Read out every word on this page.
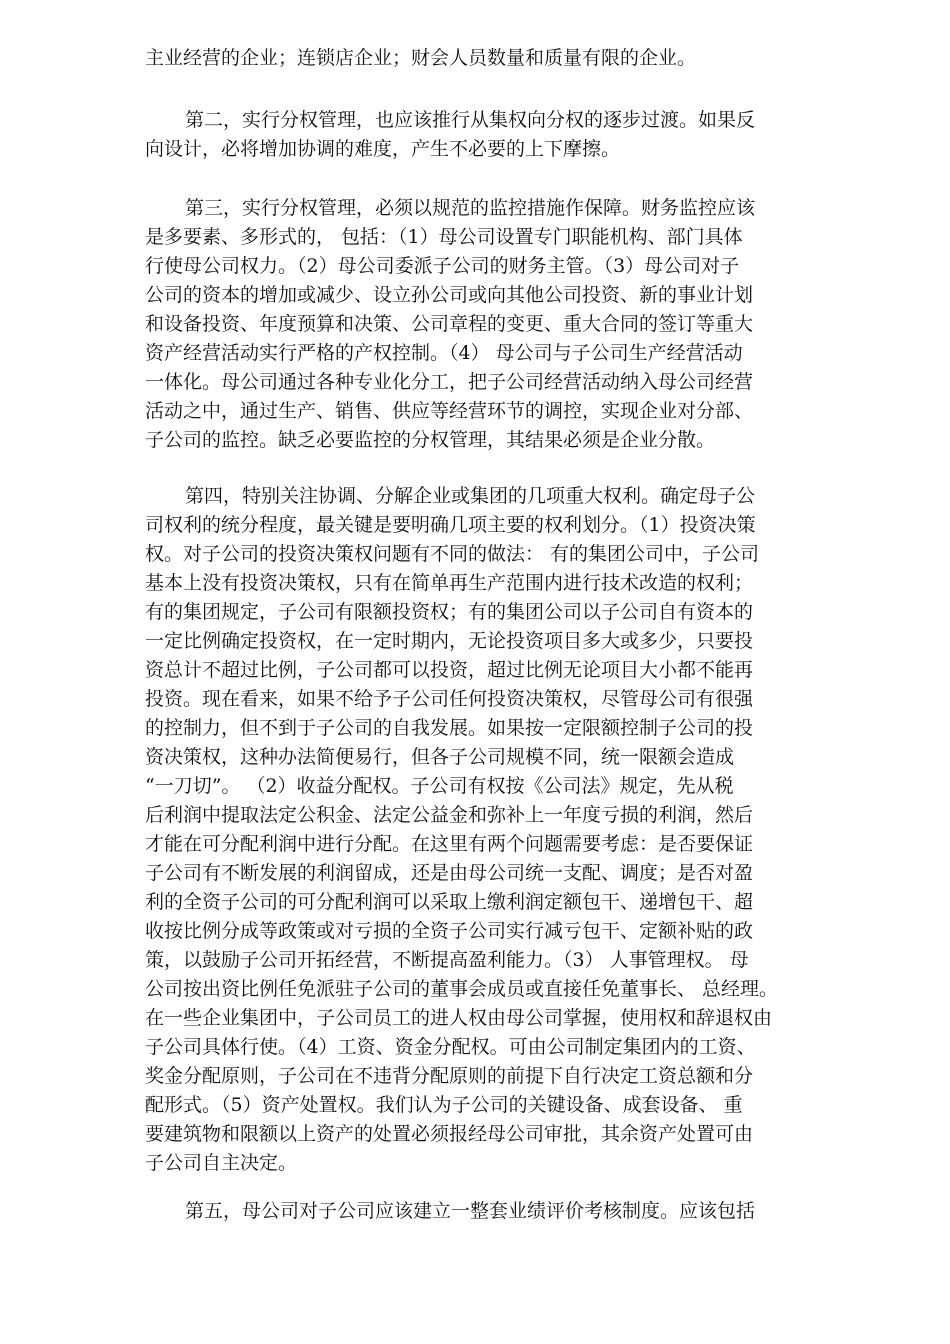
主业经营的企业；连锁店企业；财会人员数量和质量有限的企业。
第二，实行分权管理，也应该推行从集权向分权的逐步过渡。如果反
向设计，必将增加协调的难度，产生不必要的上下摩擦。
第三，实行分权管理，必须以规范的监控措施作保障。财务监控应该
是多要素、多形式的， 包括：（1）母公司设置专门职能机构、部门具体
行使母公司权力。（2）母公司委派子公司的财务主管。（3）母公司对子
公司的资本的增加或减少、设立孙公司或向其他公司投资、新的事业计划
和设备投资、年度预算和决策、公司章程的变更、重大合同的签订等重大
资产经营活动实行严格的产权控制。（4） 母公司与子公司生产经营活动
一体化。母公司通过各种专业化分工，把子公司经营活动纳入母公司经营
活动之中，通过生产、销售、供应等经营环节的调控，实现企业对分部、
子公司的监控。缺乏必要监控的分权管理，其结果必须是企业分散。
第四，特别关注协调、分解企业或集团的几项重大权利。确定母子公
司权利的统分程度，最关键是要明确几项主要的权利划分。（1）投资决策
权。对子公司的投资决策权问题有不同的做法： 有的集团公司中，子公司
基本上没有投资决策权，只有在简单再生产范围内进行技术改造的权利；
有的集团规定，子公司有限额投资权；有的集团公司以子公司自有资本的
一定比例确定投资权，在一定时期内，无论投资项目多大或多少，只要投
资总计不超过比例，子公司都可以投资，超过比例无论项目大小都不能再
投资。现在看来，如果不给予子公司任何投资决策权，尽管母公司有很强
的控制力，但不到于子公司的自我发展。如果按一定限额控制子公司的投
资决策权，这种办法简便易行，但各子公司规模不同，统一限额会造成
“一刀切”。 （2）收益分配权。子公司有权按《公司法》规定，先从税
后利润中提取法定公积金、法定公益金和弥补上一年度亏损的利润，然后
才能在可分配利润中进行分配。在这里有两个问题需要考虑：是否要保证
子公司有不断发展的利润留成，还是由母公司统一支配、调度；是否对盈
利的全资子公司的可分配利润可以采取上缴利润定额包干、递增包干、超
收按比例分成等政策或对亏损的全资子公司实行减亏包干、定额补贴的政
策，以鼓励子公司开拓经营，不断提高盈利能力。（3） 人事管理权。 母
公司按出资比例任免派驻子公司的董事会成员或直接任免董事长、 总经理。
在一些企业集团中，子公司员工的进人权由母公司掌握，使用权和辞退权由
子公司具体行使。（4）工资、资金分配权。可由公司制定集团内的工资、
奖金分配原则，子公司在不违背分配原则的前提下自行决定工资总额和分
配形式。（5）资产处置权。我们认为子公司的关键设备、成套设备、 重
要建筑物和限额以上资产的处置必须报经母公司审批，其余资产处置可由
子公司自主决定。
第五，母公司对子公司应该建立一整套业绩评价考核制度。应该包括
